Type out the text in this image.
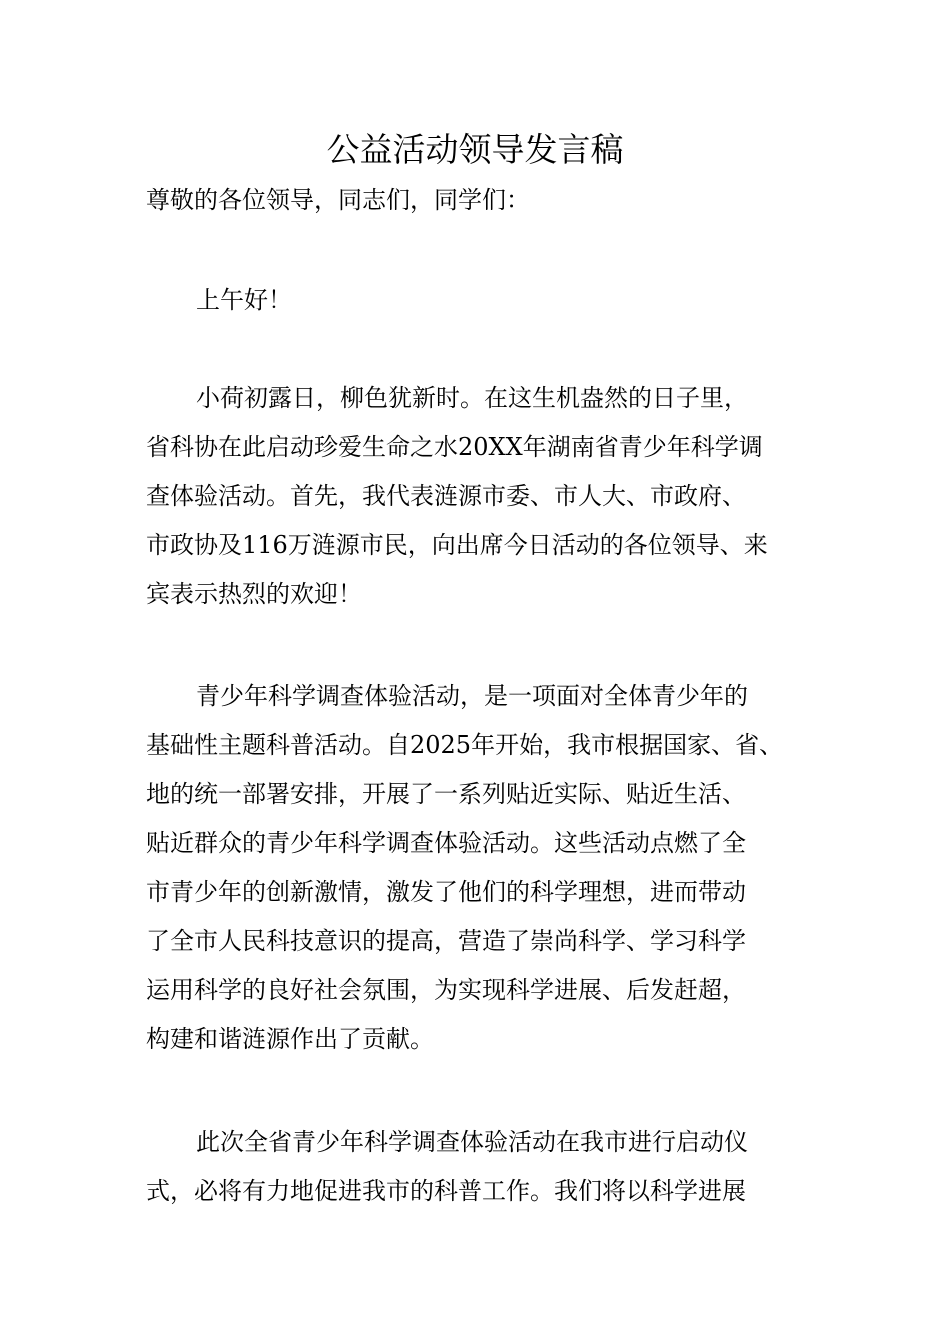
公益活动领导发言稿

尊敬的各位领导，同志们，同学们：

上午好！
小荷初露日，柳色犹新时。在这生机盎然的日子里，
省科协在此启动珍爱生命之水20XX年湖南省青少年科学调
查体验活动。首先，我代表涟源市委、市人大、市政府、
市政协及116万涟源市民，向出席今日活动的各位领导、来
宾表示热烈的欢迎！
青少年科学调查体验活动，是一项面对全体青少年的
基础性主题科普活动。自2025年开始，我市根据国家、省、
地的统一部署安排，开展了一系列贴近实际、贴近生活、
贴近群众的青少年科学调查体验活动。这些活动点燃了全
市青少年的创新激情，激发了他们的科学理想，进而带动
了全市人民科技意识的提高，营造了崇尚科学、学习科学
运用科学的良好社会氛围，为实现科学进展、后发赶超，
构建和谐涟源作出了贡献。
此次全省青少年科学调查体验活动在我市进行启动仪
式，必将有力地促进我市的科普工作。我们将以科学进展
